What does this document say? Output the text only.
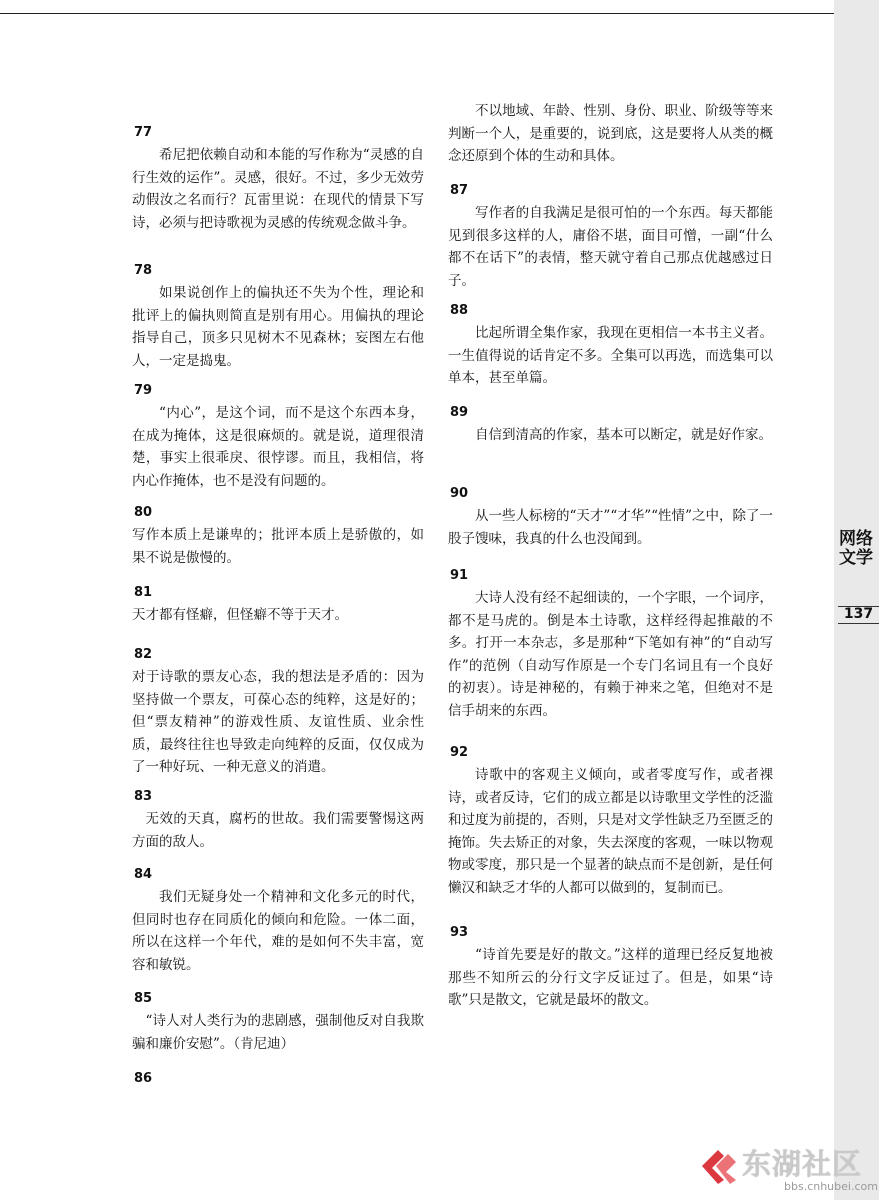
网络文学
137
77
希尼把依赖自动和本能的写作称为“灵感的自行生效的运作”。灵感，很好。不过，多少无效劳动假汝之名而行？瓦雷里说：在现代的情景下写诗，必须与把诗歌视为灵感的传统观念做斗争。
78
如果说创作上的偏执还不失为个性，理论和批评上的偏执则简直是别有用心。用偏执的理论指导自己，顶多只见树木不见森林；妄图左右他人，一定是捣鬼。
79
“内心”，是这个词，而不是这个东西本身，在成为掩体，这是很麻烦的。就是说，道理很清楚，事实上很乖戾、很悖谬。而且，我相信，将内心作掩体，也不是没有问题的。
80
写作本质上是谦卑的；批评本质上是骄傲的，如果不说是傲慢的。
81
天才都有怪癖，但怪癖不等于天才。
82
对于诗歌的票友心态，我的想法是矛盾的：因为坚持做一个票友，可葆心态的纯粹，这是好的；但“票友精神”的游戏性质、友谊性质、业余性质，最终往往也导致走向纯粹的反面，仅仅成为了一种好玩、一种无意义的消遣。
83
无效的天真，腐朽的世故。我们需要警惕这两方面的敌人。
84
我们无疑身处一个精神和文化多元的时代，但同时也存在同质化的倾向和危险。一体二面，所以在这样一个年代，难的是如何不失丰富，宽容和敏锐。
85
“诗人对人类行为的悲剧感，强制他反对自我欺骗和廉价安慰”。（肯尼迪）
86
不以地域、年龄、性别、身份、职业、阶级等等来判断一个人，是重要的，说到底，这是要将人从类的概念还原到个体的生动和具体。
87
写作者的自我满足是很可怕的一个东西。每天都能见到很多这样的人，庸俗不堪，面目可憎，一副“什么都不在话下”的表情，整天就守着自己那点优越感过日子。
88
比起所谓全集作家，我现在更相信一本书主义者。一生值得说的话肯定不多。全集可以再选，而选集可以单本，甚至单篇。
89
自信到清高的作家，基本可以断定，就是好作家。
90
从一些人标榜的“天才”“才华”“性情”之中，除了一股子馊味，我真的什么也没闻到。
91
大诗人没有经不起细读的，一个字眼，一个词序，都不是马虎的。倒是本土诗歌，这样经得起推敲的不多。打开一本杂志，多是那种“下笔如有神”的“自动写作”的范例（自动写作原是一个专门名词且有一个良好的初衷）。诗是神秘的，有赖于神来之笔，但绝对不是信手胡来的东西。
92
诗歌中的客观主义倾向，或者零度写作，或者裸诗，或者反诗，它们的成立都是以诗歌里文学性的泛滥和过度为前提的，否则，只是对文学性缺乏乃至匮乏的掩饰。失去矫正的对象，失去深度的客观，一味以物观物或零度，那只是一个显著的缺点而不是创新，是任何懒汉和缺乏才华的人都可以做到的，复制而已。
93
“诗首先要是好的散文。”这样的道理已经反复地被那些不知所云的分行文字反证过了。但是，如果“诗歌”只是散文，它就是最坏的散文。
东湖社区
bbs.cnhubei.com
